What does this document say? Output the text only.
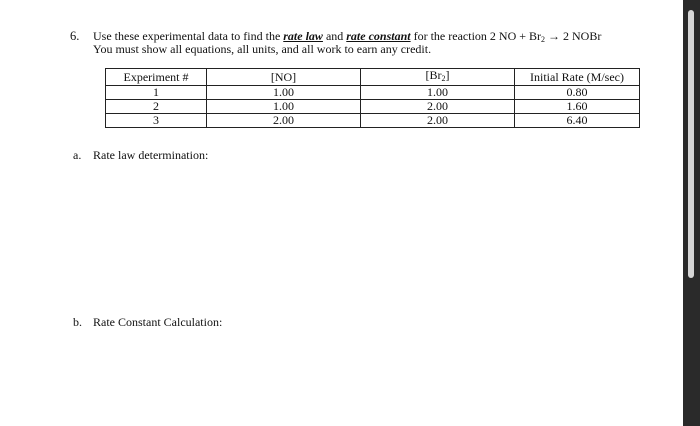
6. Use these experimental data to find the rate law and rate constant for the reaction 2 NO + $Br_2 \to 2$ NOBr
You must show all equations, all units, and all work to earn any credit.
Experiment #	[NO]	$[Br_2]$	Initial Rate (M/sec)
1	1.00	1.00	0.80
2	1.00	2.00	1.60
3	2.00	2.00	6.40
a. Rate law determination:
b. Rate Constant Calculation:
